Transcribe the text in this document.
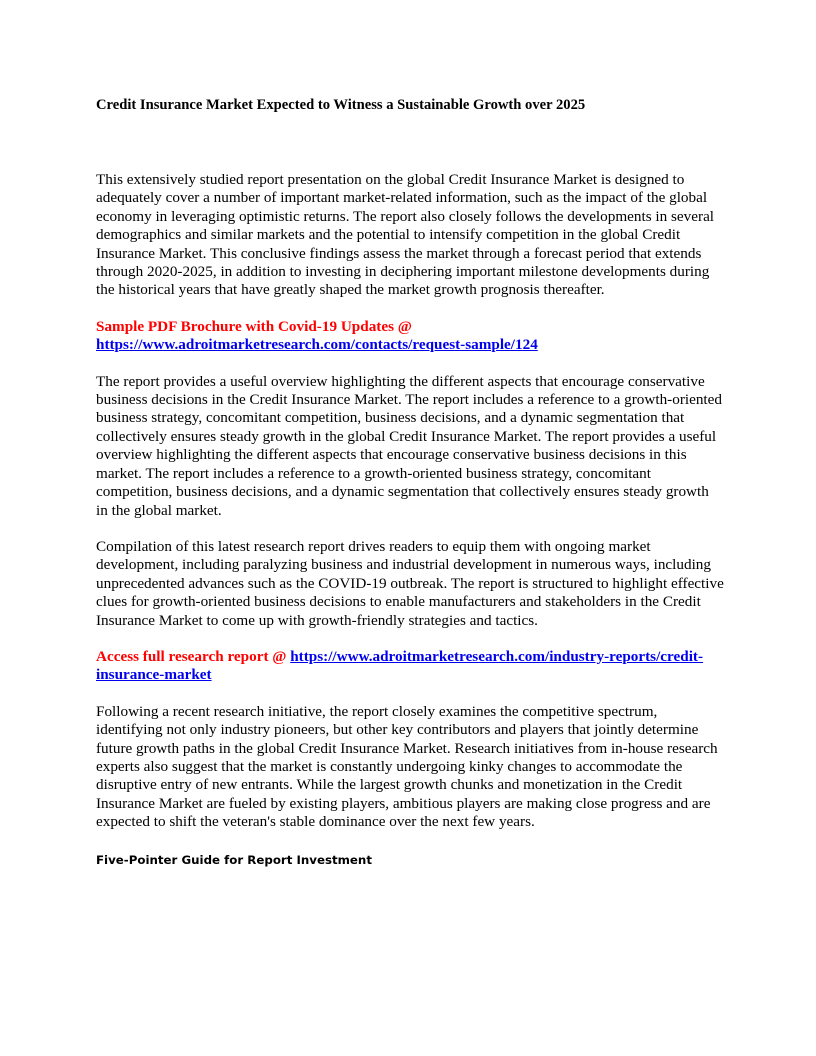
Credit Insurance Market Expected to Witness a Sustainable Growth over 2025

This extensively studied report presentation on the global Credit Insurance Market is designed to adequately cover a number of important market-related information, such as the impact of the global economy in leveraging optimistic returns. The report also closely follows the developments in several demographics and similar markets and the potential to intensify competition in the global Credit Insurance Market. This conclusive findings assess the market through a forecast period that extends through 2020-2025, in addition to investing in deciphering important milestone developments during the historical years that have greatly shaped the market growth prognosis thereafter.

Sample PDF Brochure with Covid-19 Updates @
https://www.adroitmarketresearch.com/contacts/request-sample/124

The report provides a useful overview highlighting the different aspects that encourage conservative business decisions in the Credit Insurance Market. The report includes a reference to a growth-oriented business strategy, concomitant competition, business decisions, and a dynamic segmentation that collectively ensures steady growth in the global Credit Insurance Market. The report provides a useful overview highlighting the different aspects that encourage conservative business decisions in this market. The report includes a reference to a growth-oriented business strategy, concomitant competition, business decisions, and a dynamic segmentation that collectively ensures steady growth in the global market.

Compilation of this latest research report drives readers to equip them with ongoing market development, including paralyzing business and industrial development in numerous ways, including unprecedented advances such as the COVID-19 outbreak. The report is structured to highlight effective clues for growth-oriented business decisions to enable manufacturers and stakeholders in the Credit Insurance Market to come up with growth-friendly strategies and tactics.

Access full research report @ https://www.adroitmarketresearch.com/industry-reports/credit-insurance-market

Following a recent research initiative, the report closely examines the competitive spectrum, identifying not only industry pioneers, but other key contributors and players that jointly determine future growth paths in the global Credit Insurance Market. Research initiatives from in-house research experts also suggest that the market is constantly undergoing kinky changes to accommodate the disruptive entry of new entrants. While the largest growth chunks and monetization in the Credit Insurance Market are fueled by existing players, ambitious players are making close progress and are expected to shift the veteran's stable dominance over the next few years.

Five-Pointer Guide for Report Investment
